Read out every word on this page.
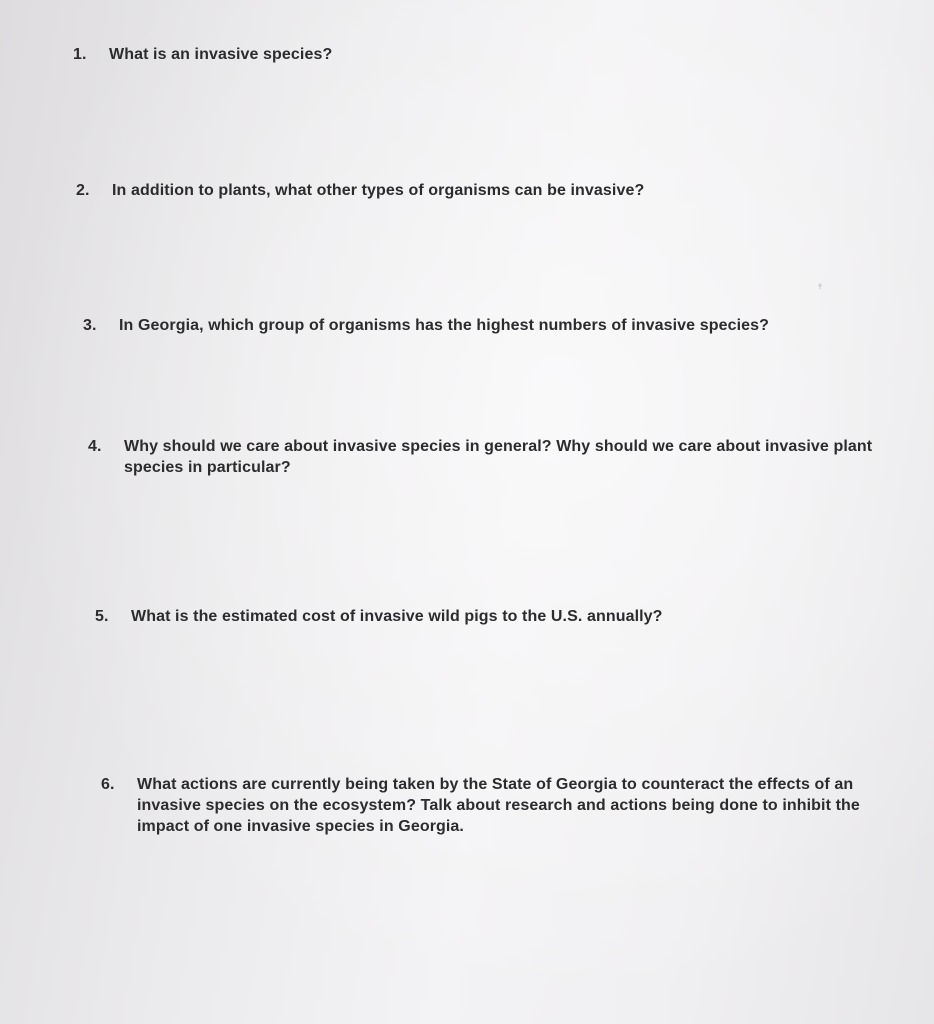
1.	What is an invasive species?
2.	In addition to plants, what other types of organisms can be invasive?
3.	In Georgia, which group of organisms has the highest numbers of invasive species?
4.	Why should we care about invasive species in general? Why should we care about invasive plant species in particular?
5.	What is the estimated cost of invasive wild pigs to the U.S. annually?
6.	What actions are currently being taken by the State of Georgia to counteract the effects of an invasive species on the ecosystem? Talk about research and actions being done to inhibit the impact of one invasive species in Georgia.
